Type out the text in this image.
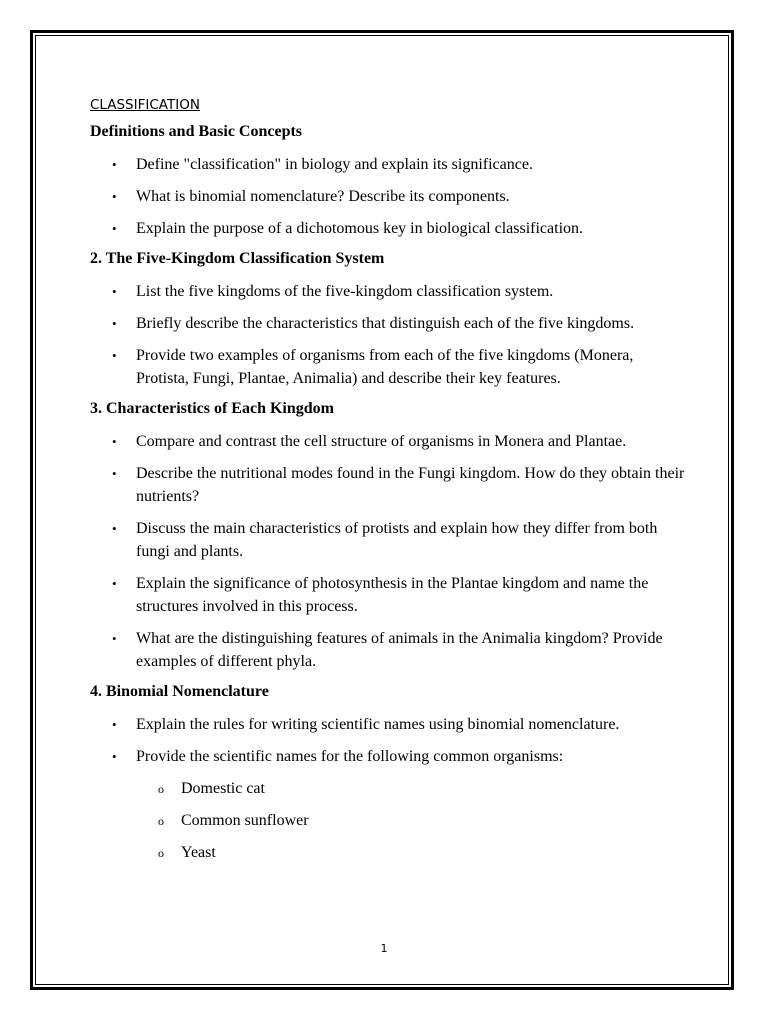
CLASSIFICATION
Definitions and Basic Concepts
• Define "classification" in biology and explain its significance.
• What is binomial nomenclature? Describe its components.
• Explain the purpose of a dichotomous key in biological classification.
2. The Five-Kingdom Classification System
• List the five kingdoms of the five-kingdom classification system.
• Briefly describe the characteristics that distinguish each of the five kingdoms.
• Provide two examples of organisms from each of the five kingdoms (Monera, Protista, Fungi, Plantae, Animalia) and describe their key features.
3. Characteristics of Each Kingdom
• Compare and contrast the cell structure of organisms in Monera and Plantae.
• Describe the nutritional modes found in the Fungi kingdom. How do they obtain their nutrients?
• Discuss the main characteristics of protists and explain how they differ from both fungi and plants.
• Explain the significance of photosynthesis in the Plantae kingdom and name the structures involved in this process.
• What are the distinguishing features of animals in the Animalia kingdom? Provide examples of different phyla.
4. Binomial Nomenclature
• Explain the rules for writing scientific names using binomial nomenclature.
• Provide the scientific names for the following common organisms:
o Domestic cat
o Common sunflower
o Yeast
1
